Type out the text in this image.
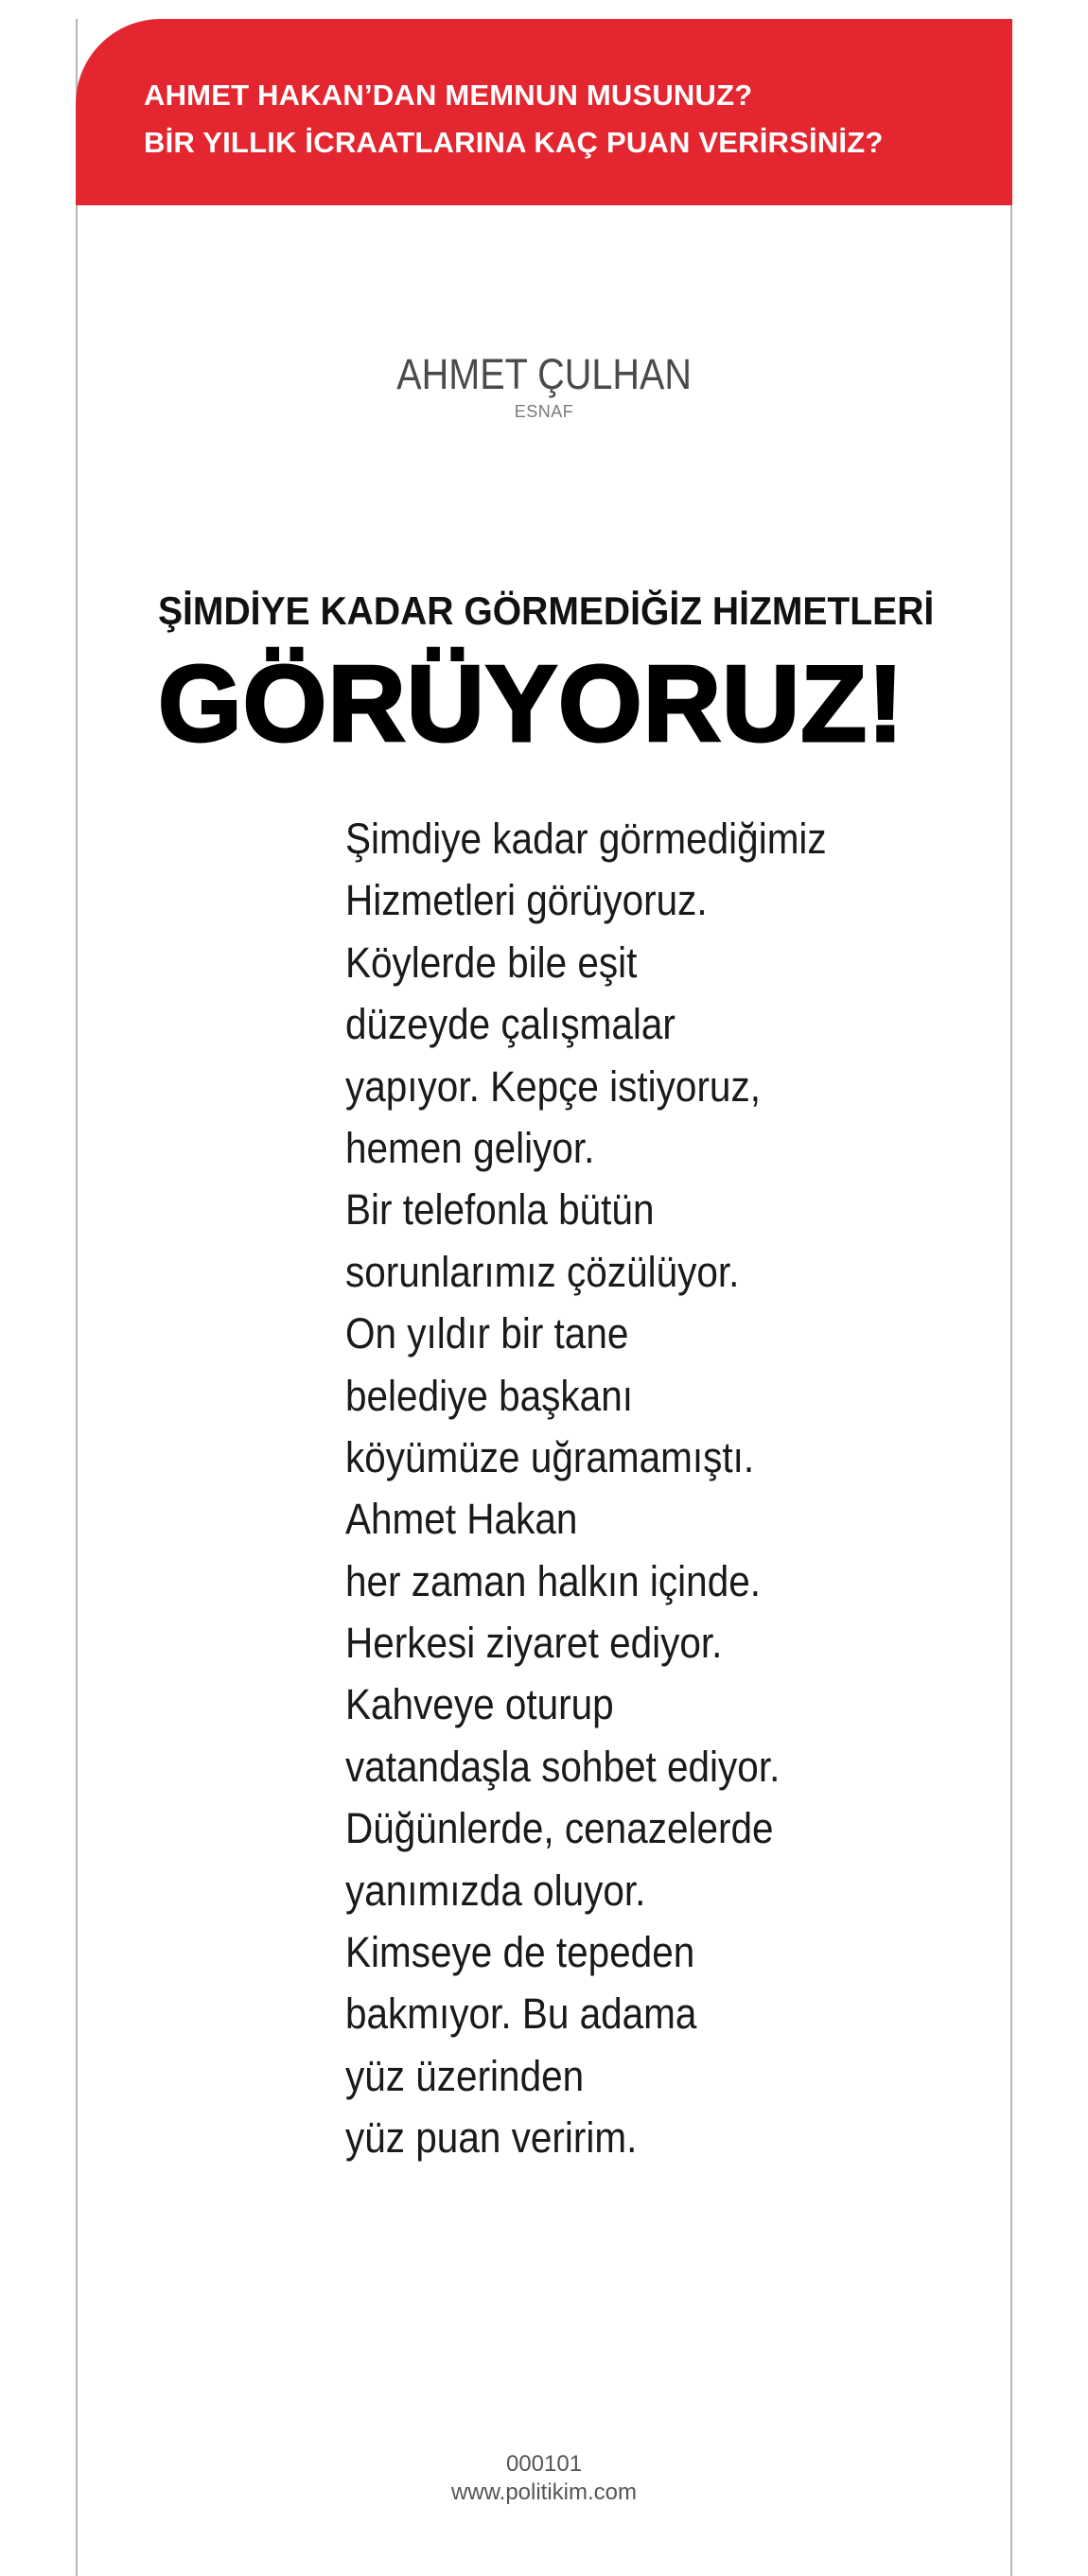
AHMET HAKAN’DAN MEMNUN MUSUNUZ?
BİR YILLIK İCRAATLARINA KAÇ PUAN VERİRSİNİZ?
AHMET ÇULHAN
ESNAF
ŞİMDİYE KADAR GÖRMEDİĞİZ HİZMETLERİ
GÖRÜYORUZ!
Şimdiye kadar görmediğimiz
Hizmetleri görüyoruz.
Köylerde bile eşit
düzeyde çalışmalar
yapıyor. Kepçe istiyoruz,
hemen geliyor.
Bir telefonla bütün
sorunlarımız çözülüyor.
On yıldır bir tane
belediye başkanı
köyümüze uğramamıştı.
Ahmet Hakan
her zaman halkın içinde.
Herkesi ziyaret ediyor.
Kahveye oturup
vatandaşla sohbet ediyor.
Düğünlerde, cenazelerde
yanımızda oluyor.
Kimseye de tepeden
bakmıyor. Bu adama
yüz üzerinden
yüz puan veririm.
000101
www.politikim.com
